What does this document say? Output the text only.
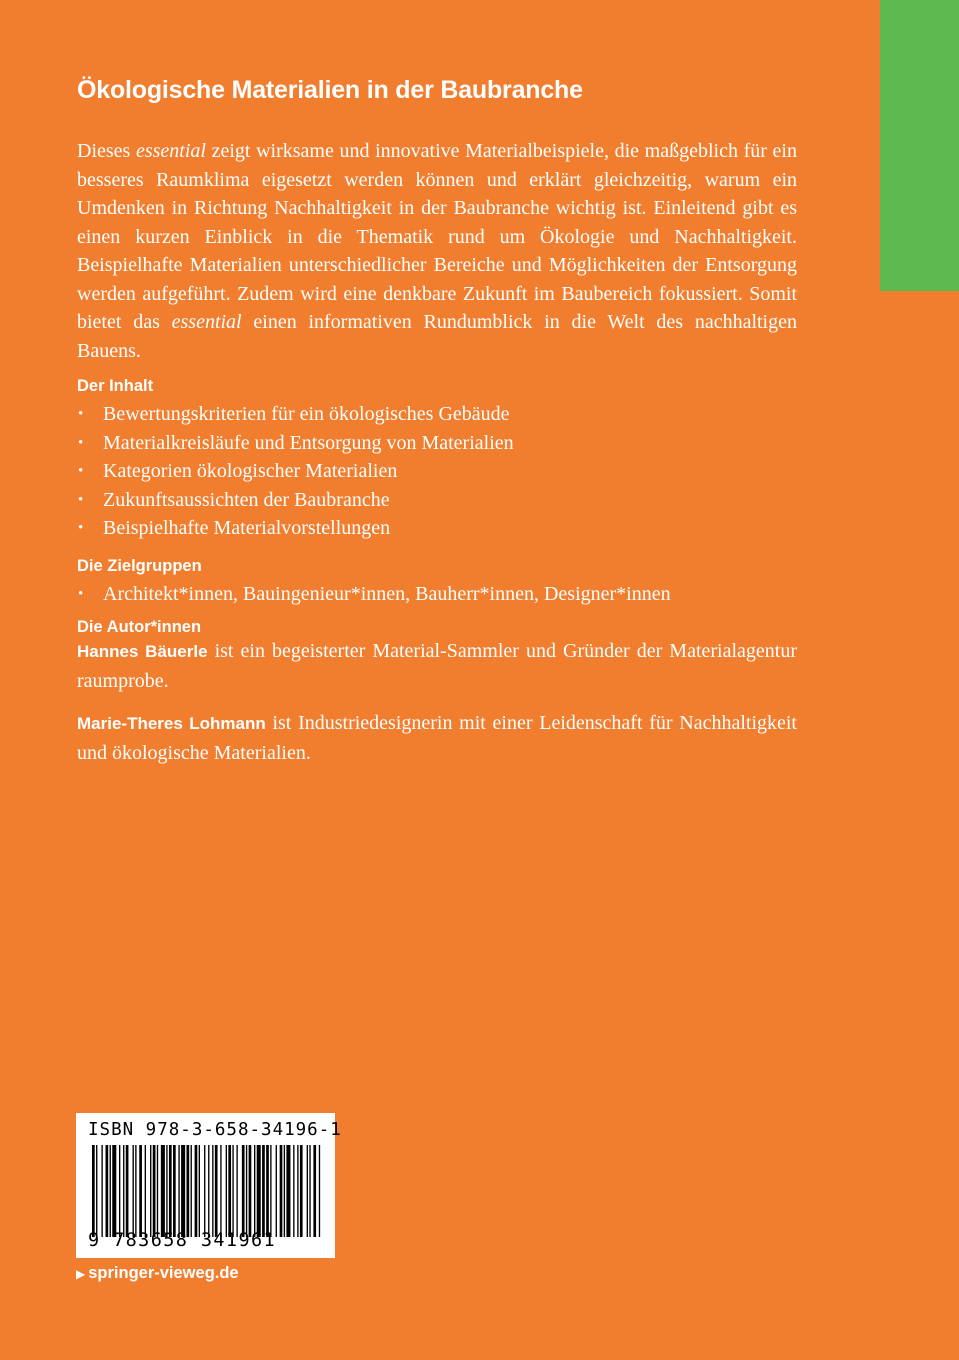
Ökologische Materialien in der Baubranche

Dieses essential zeigt wirksame und innovative Materialbeispiele, die maßgeblich für ein besseres Raumklima eigesetzt werden können und erklärt gleichzeitig, warum ein Umdenken in Richtung Nachhaltigkeit in der Baubranche wichtig ist. Einleitend gibt es einen kurzen Einblick in die Thematik rund um Ökologie und Nachhaltigkeit. Beispielhafte Materialien unterschiedlicher Bereiche und Möglichkeiten der Entsorgung werden aufgeführt. Zudem wird eine denkbare Zukunft im Baubereich fokussiert. Somit bietet das essential einen informativen Rundumblick in die Welt des nachhaltigen Bauens.

Der Inhalt

• Bewertungskriterien für ein ökologisches Gebäude
• Materialkreisläufe und Entsorgung von Materialien
• Kategorien ökologischer Materialien
• Zukunftsaussichten der Baubranche
• Beispielhafte Materialvorstellungen

Die Zielgruppen

• Architekt*innen, Bauingenieur*innen, Bauherr*innen, Designer*innen

Die Autor*innen

Hannes Bäuerle ist ein begeisterter Material-Sammler und Gründer der Materialagentur raumprobe.

Marie-Theres Lohmann ist Industriedesignerin mit einer Leidenschaft für Nachhaltigkeit und ökologische Materialien.

ISBN 978-3-658-34196-1
9 783658 341961
▶ springer-vieweg.de
